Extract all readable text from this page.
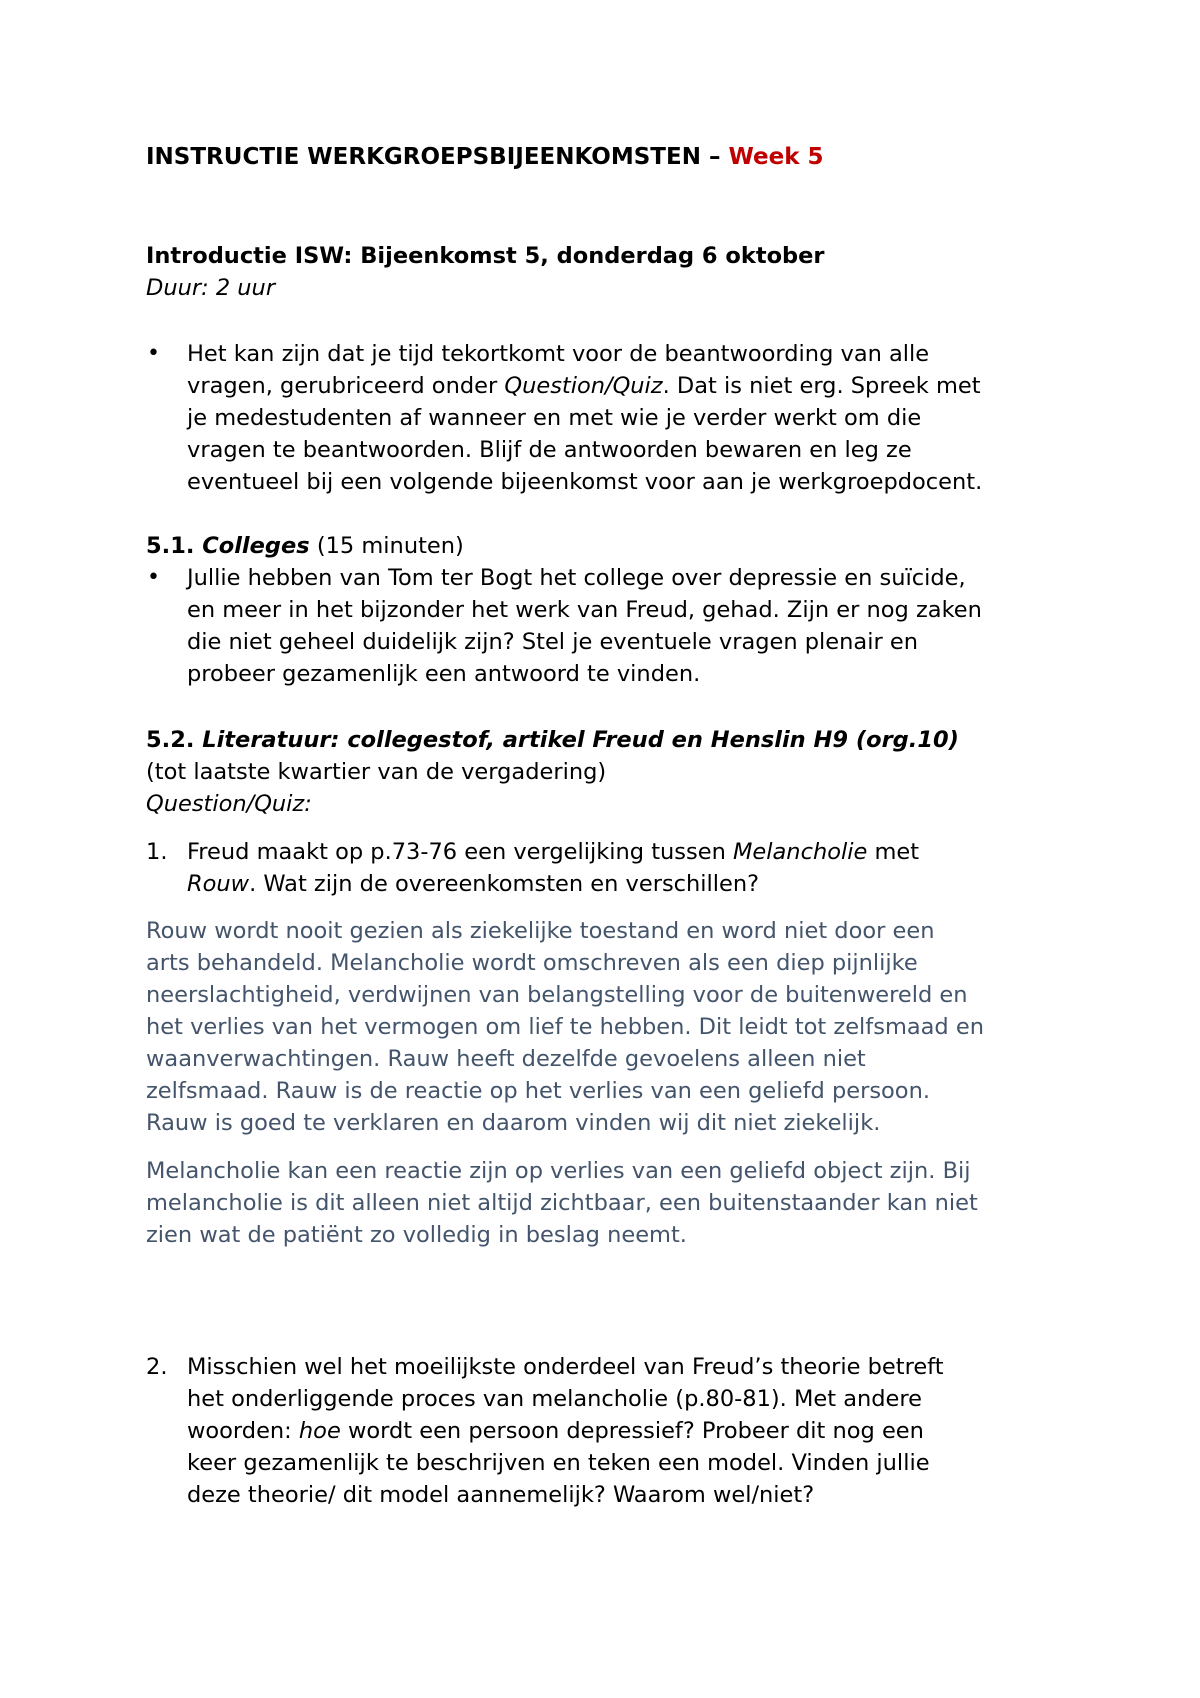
INSTRUCTIE WERKGROEPSBIJEENKOMSTEN – Week 5
Introductie ISW: Bijeenkomst 5, donderdag 6 oktober
Duur: 2 uur
• Het kan zijn dat je tijd tekortkomt voor de beantwoording van alle
vragen, gerubriceerd onder Question/Quiz. Dat is niet erg. Spreek met
je medestudenten af wanneer en met wie je verder werkt om die
vragen te beantwoorden. Blijf de antwoorden bewaren en leg ze
eventueel bij een volgende bijeenkomst voor aan je werkgroepdocent.
5.1. Colleges (15 minuten)
• Jullie hebben van Tom ter Bogt het college over depressie en suïcide,
en meer in het bijzonder het werk van Freud, gehad. Zijn er nog zaken
die niet geheel duidelijk zijn? Stel je eventuele vragen plenair en
probeer gezamenlijk een antwoord te vinden.
5.2. Literatuur: collegestof, artikel Freud en Henslin H9 (org.10)
(tot laatste kwartier van de vergadering)
Question/Quiz:
1. Freud maakt op p.73-76 een vergelijking tussen Melancholie met
Rouw. Wat zijn de overeenkomsten en verschillen?
Rouw wordt nooit gezien als ziekelijke toestand en word niet door een
arts behandeld. Melancholie wordt omschreven als een diep pijnlijke
neerslachtigheid, verdwijnen van belangstelling voor de buitenwereld en
het verlies van het vermogen om lief te hebben. Dit leidt tot zelfsmaad en
waanverwachtingen. Rauw heeft dezelfde gevoelens alleen niet
zelfsmaad. Rauw is de reactie op het verlies van een geliefd persoon.
Rauw is goed te verklaren en daarom vinden wij dit niet ziekelijk.
Melancholie kan een reactie zijn op verlies van een geliefd object zijn. Bij
melancholie is dit alleen niet altijd zichtbaar, een buitenstaander kan niet
zien wat de patiënt zo volledig in beslag neemt.
2. Misschien wel het moeilijkste onderdeel van Freud’s theorie betreft
het onderliggende proces van melancholie (p.80-81). Met andere
woorden: hoe wordt een persoon depressief? Probeer dit nog een
keer gezamenlijk te beschrijven en teken een model. Vinden jullie
deze theorie/ dit model aannemelijk? Waarom wel/niet?
